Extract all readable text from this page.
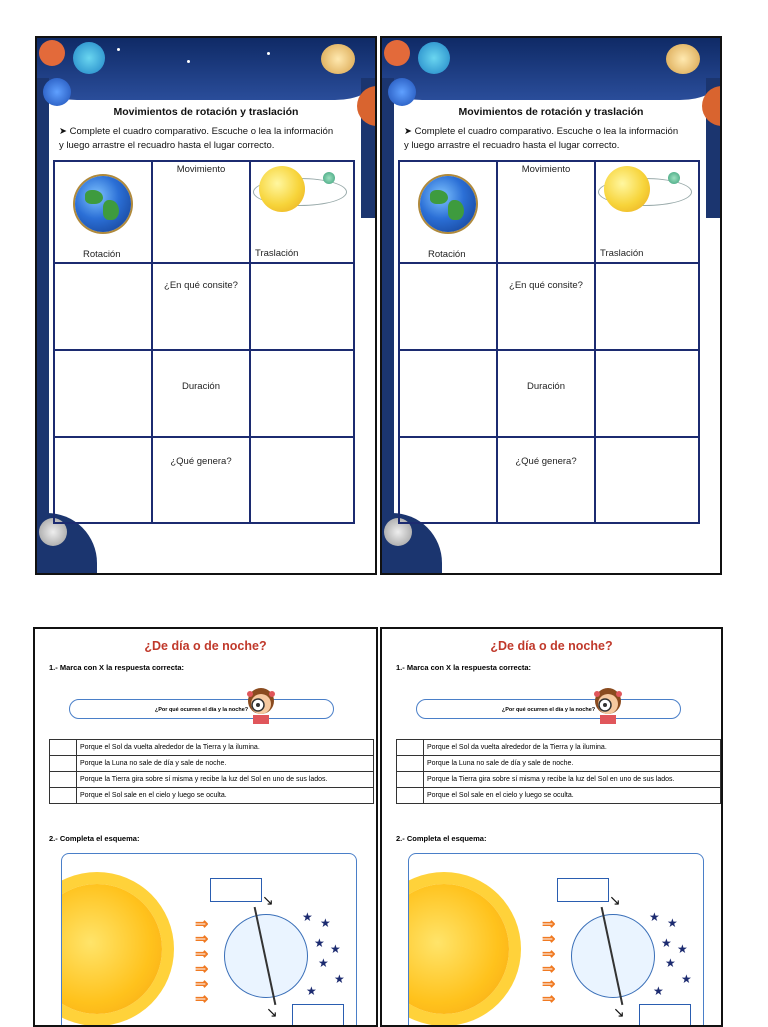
Movimientos de rotación y traslación
➤ Complete el cuadro comparativo. Escuche o lea la información
y luego arrastre el recuadro hasta el lugar correcto.
Rotación	Movimiento	Traslación

	¿En qué consite?	

	Duración	

	¿Qué genera?	

Movimientos de rotación y traslación
➤ Complete el cuadro comparativo. Escuche o lea la información
y luego arrastre el recuadro hasta el lugar correcto.
Rotación	Movimiento	Traslación

	¿En qué consite?	

	Duración	

	¿Qué genera?	

¿De día o de noche?
1.- Marca con X la respuesta correcta:
¿Por qué ocurren el día y la noche?
	Porque el Sol da vuelta alrededor de la Tierra y la ilumina.
	Porque la Luna no sale de día y sale de noche.
	Porque la Tierra gira sobre sí misma y recibe la luz del Sol en uno de sus lados.
	Porque el Sol sale en el cielo y luego se oculta.
2.- Completa el esquema:
⇒
⇒
⇒
⇒
⇒
⇒
↘
↘
★ ★
★ ★
★
★
★
¿De día o de noche?
1.- Marca con X la respuesta correcta:
¿Por qué ocurren el día y la noche?
	Porque el Sol da vuelta alrededor de la Tierra y la ilumina.
	Porque la Luna no sale de día y sale de noche.
	Porque la Tierra gira sobre sí misma y recibe la luz del Sol en uno de sus lados.
	Porque el Sol sale en el cielo y luego se oculta.
2.- Completa el esquema:
⇒
⇒
⇒
⇒
⇒
⇒
↘
↘
★ ★
★ ★
★
★
★
